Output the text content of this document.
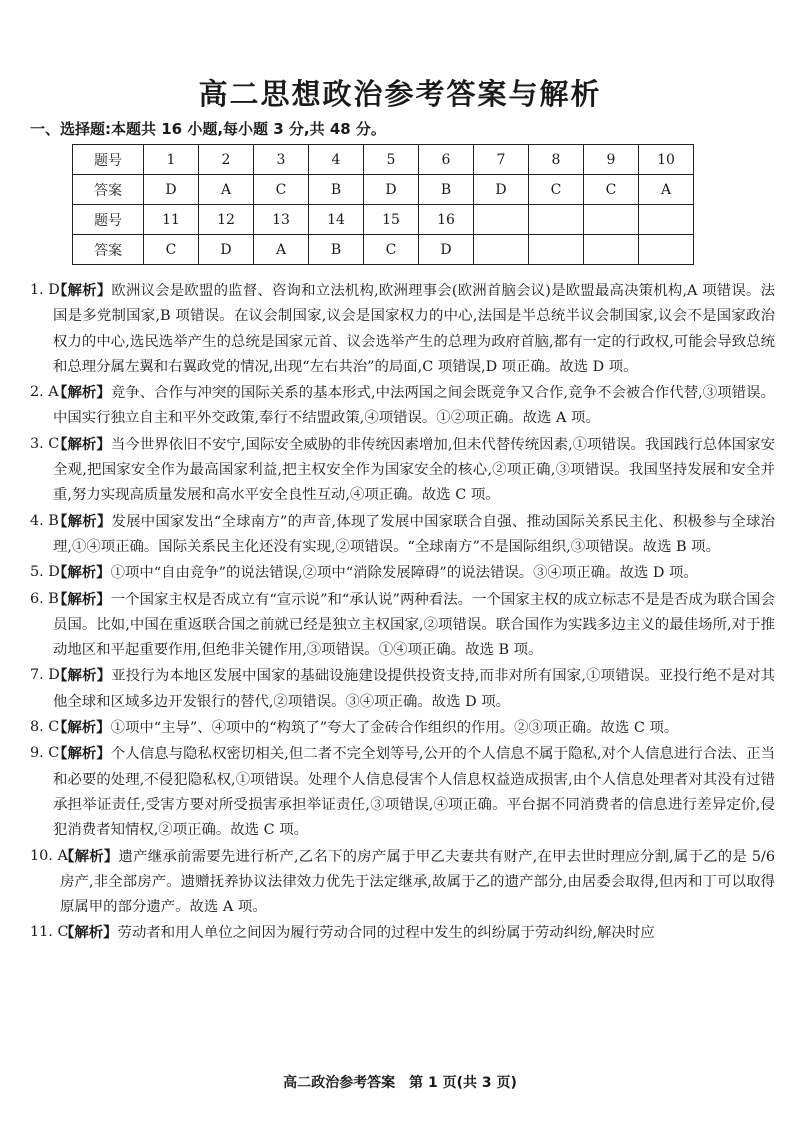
高二思想政治参考答案与解析
一、选择题:本题共 16 小题,每小题 3 分,共 48 分。
题号	1	2	3	4	5	6	7	8	9	10
答案	D	A	C	B	D	B	D	C	C	A
题号	11	12	13	14	15	16				
答案	C	D	A	B	C	D				
1. D
【解析】欧洲议会是欧盟的监督、咨询和立法机构,欧洲理事会(欧洲首脑会议)是欧盟最高决策机构,A 项错误。法国是多党制国家,B 项错误。在议会制国家,议会是国家权力的中心,法国是半总统半议会制国家,议会不是国家政治权力的中心,选民选举产生的总统是国家元首、议会选举产生的总理为政府首脑,都有一定的行政权,可能会导致总统和总理分属左翼和右翼政党的情况,出现“左右共治”的局面,C 项错误,D 项正确。故选 D 项。
2. A
【解析】竞争、合作与冲突的国际关系的基本形式,中法两国之间会既竞争又合作,竞争不会被合作代替,③项错误。中国实行独立自主和平外交政策,奉行不结盟政策,④项错误。①②项正确。故选 A 项。
3. C
【解析】当今世界依旧不安宁,国际安全威胁的非传统因素增加,但未代替传统因素,①项错误。我国践行总体国家安全观,把国家安全作为最高国家利益,把主权安全作为国家安全的核心,②项正确,③项错误。我国坚持发展和安全并重,努力实现高质量发展和高水平安全良性互动,④项正确。故选 C 项。
4. B
【解析】发展中国家发出“全球南方”的声音,体现了发展中国家联合自强、推动国际关系民主化、积极参与全球治理,①④项正确。国际关系民主化还没有实现,②项错误。“全球南方”不是国际组织,③项错误。故选 B 项。
5. D
【解析】①项中“自由竞争”的说法错误,②项中“消除发展障碍”的说法错误。③④项正确。故选 D 项。
6. B
【解析】一个国家主权是否成立有“宣示说”和“承认说”两种看法。一个国家主权的成立标志不是是否成为联合国会员国。比如,中国在重返联合国之前就已经是独立主权国家,②项错误。联合国作为实践多边主义的最佳场所,对于推动地区和平起重要作用,但绝非关键作用,③项错误。①④项正确。故选 B 项。
7. D
【解析】亚投行为本地区发展中国家的基础设施建设提供投资支持,而非对所有国家,①项错误。亚投行绝不是对其他全球和区域多边开发银行的替代,②项错误。③④项正确。故选 D 项。
8. C
【解析】①项中“主导”、④项中的“构筑了”夸大了金砖合作组织的作用。②③项正确。故选 C 项。
9. C
【解析】个人信息与隐私权密切相关,但二者不完全划等号,公开的个人信息不属于隐私,对个人信息进行合法、正当和必要的处理,不侵犯隐私权,①项错误。处理个人信息侵害个人信息权益造成损害,由个人信息处理者对其没有过错承担举证责任,受害方要对所受损害承担举证责任,③项错误,④项正确。平台据不同消费者的信息进行差异定价,侵犯消费者知情权,②项正确。故选 C 项。
10. A
【解析】遗产继承前需要先进行析产,乙名下的房产属于甲乙夫妻共有财产,在甲去世时理应分割,属于乙的是 5/6 房产,非全部房产。遗赠抚养协议法律效力优先于法定继承,故属于乙的遗产部分,由居委会取得,但丙和丁可以取得原属甲的部分遗产。故选 A 项。
11. C
【解析】劳动者和用人单位之间因为履行劳动合同的过程中发生的纠纷属于劳动纠纷,解决时应
高二政治参考答案　第 1 页(共 3 页)
